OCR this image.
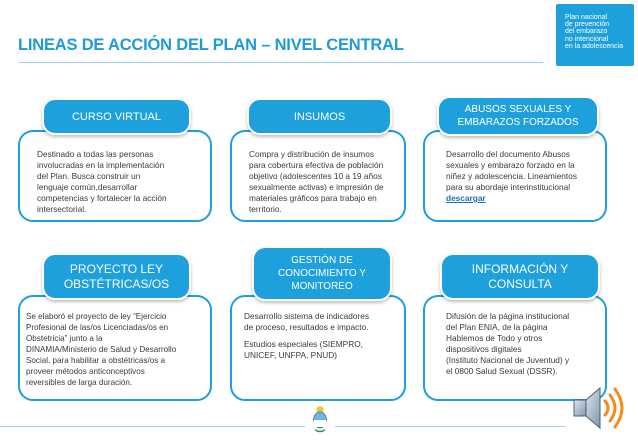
LINEAS DE ACCIÓN DEL PLAN – NIVEL CENTRAL
Plan nacional
de prevención
del embarazo
no intencional
en la adolescencia
Destinado a todas las personas
involucradas en la implementación
del Plan. Busca construir un
lenguaje común,desarrollar
competencias y fortalecer la acción
intersectorial.
CURSO VIRTUAL
Compra y distribución de insumos
para cobertura efectiva de población
objetivo (adolescentes 10 a 19 años
sexualmente activas) e impresión de
materiales gráficos para trabajo en
territorio.
INSUMOS
Desarrollo del documento Abusos
sexuales y embarazo forzado en la
niñez y adolescencia. Lineamientos
para su abordaje interinstitucional
descargar
ABUSOS SEXUALES Y
EMBARAZOS FORZADOS
Se elaboró el proyecto de ley “Ejercicio
Profesional de las/os Licenciadas/os en
Obstetricia” junto a la
DINAMIA/Ministerio de Salud y Desarrollo
Social, para habilitar a obstétricas/os a
proveer métodos anticonceptivos
reversibles de larga duración.
PROYECTO LEY
OBSTÉTRICAS/OS

Desarrollo sistema de indicadores
de proceso, resultados e impacto.

Estudios especiales (SIEMPRO,
UNICEF, UNFPA, PNUD)

GESTIÓN DE
CONOCIMIENTO Y
MONITOREO
Difusión de la página institucional
del Plan ENIA, de la página
Hablemos de Todo y otros
dispositivos digitales
(Instituto Nacional de Juventud) y
el 0800 Salud Sexual (DSSR).
INFORMACIÓN Y
CONSULTA
